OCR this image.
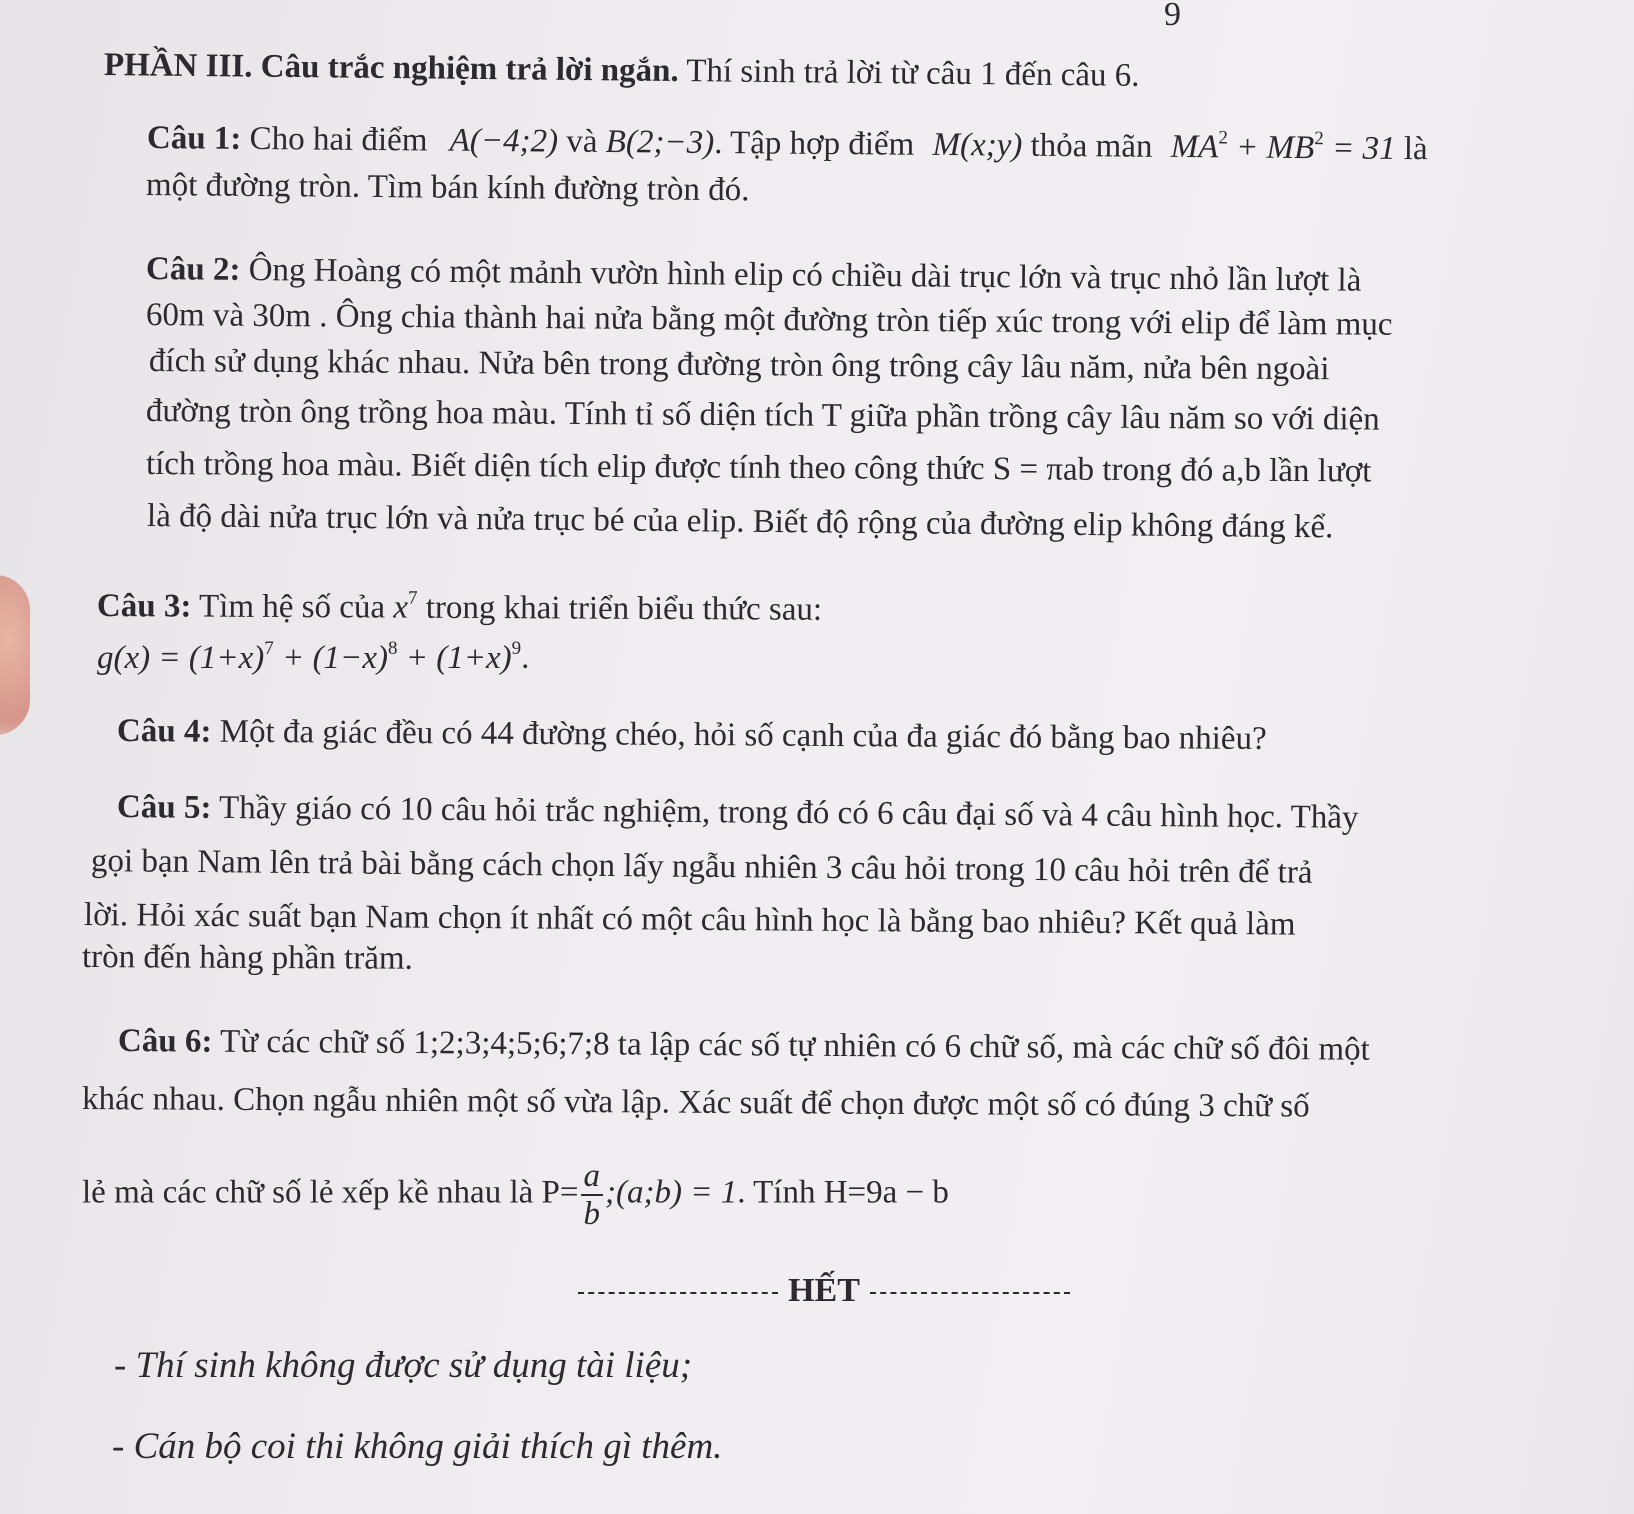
9
PHẦN III. Câu trắc nghiệm trả lời ngắn. Thí sinh trả lời từ câu 1 đến câu 6.
Câu 1: Cho hai điểm A(−4;2) và B(2;−3). Tập hợp điểm M(x;y) thỏa mãn $MA^2 + MB^2 = 31$ là
một đường tròn. Tìm bán kính đường tròn đó.
Câu 2: Ông Hoàng có một mảnh vườn hình elip có chiều dài trục lớn và trục nhỏ lần lượt là
60m và 30m . Ông chia thành hai nửa bằng một đường tròn tiếp xúc trong với elip để làm mục
đích sử dụng khác nhau. Nửa bên trong đường tròn ông trông cây lâu năm, nửa bên ngoài
đường tròn ông trồng hoa màu. Tính tỉ số diện tích T giữa phần trồng cây lâu năm so với diện
tích trồng hoa màu. Biết diện tích elip được tính theo công thức S = πab trong đó a,b lần lượt
là độ dài nửa trục lớn và nửa trục bé của elip. Biết độ rộng của đường elip không đáng kể.
Câu 3: Tìm hệ số của $x^7$ trong khai triển biểu thức sau:
$g(x) = (1+x)^7 + (1-x)^8 + (1+x)^9$.
Câu 4: Một đa giác đều có 44 đường chéo, hỏi số cạnh của đa giác đó bằng bao nhiêu?
Câu 5: Thầy giáo có 10 câu hỏi trắc nghiệm, trong đó có 6 câu đại số và 4 câu hình học. Thầy
gọi bạn Nam lên trả bài bằng cách chọn lấy ngẫu nhiên 3 câu hỏi trong 10 câu hỏi trên để trả
lời. Hỏi xác suất bạn Nam chọn ít nhất có một câu hình học là bằng bao nhiêu? Kết quả làm
tròn đến hàng phần trăm.
Câu 6: Từ các chữ số 1;2;3;4;5;6;7;8 ta lập các số tự nhiên có 6 chữ số, mà các chữ số đôi một
khác nhau. Chọn ngẫu nhiên một số vừa lập. Xác suất để chọn được một số có đúng 3 chữ số
lẻ mà các chữ số lẻ xếp kề nhau là $P= \frac{a}{b}$ ;(a;b) = 1. Tính H=9a − b
HẾT
- Thí sinh không được sử dụng tài liệu;
- Cán bộ coi thi không giải thích gì thêm.
